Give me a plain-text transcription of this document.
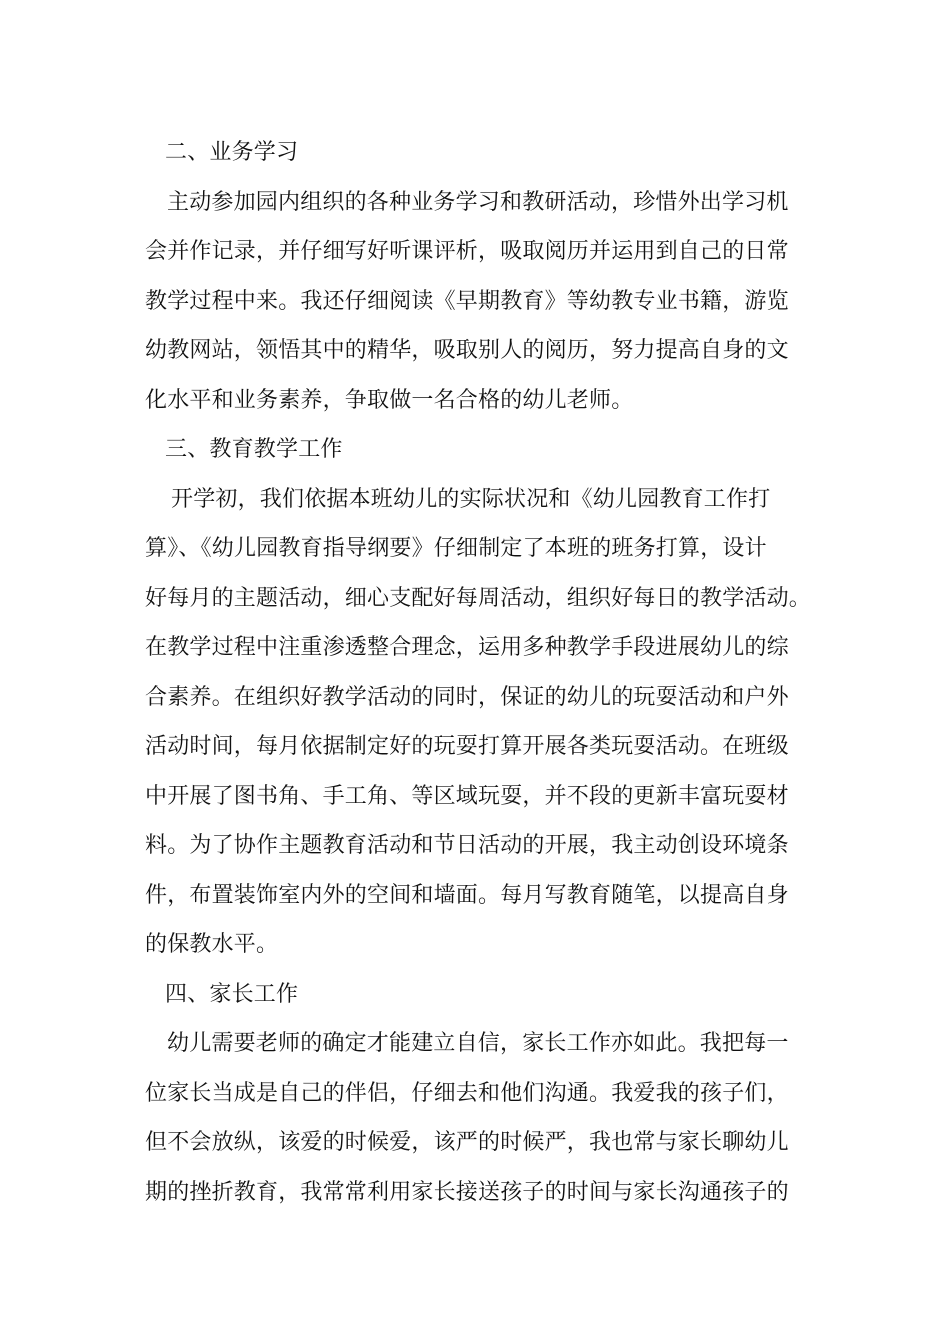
二、业务学习
主动参加园内组织的各种业务学习和教研活动，珍惜外出学习机
会并作记录，并仔细写好听课评析，吸取阅历并运用到自己的日常
教学过程中来。我还仔细阅读《早期教育》等幼教专业书籍，游览
幼教网站，领悟其中的精华，吸取别人的阅历，努力提高自身的文
化水平和业务素养，争取做一名合格的幼儿老师。
三、教育教学工作
开学初，我们依据本班幼儿的实际状况和《幼儿园教育工作打
算》、《幼儿园教育指导纲要》仔细制定了本班的班务打算，设计
好每月的主题活动，细心支配好每周活动，组织好每日的教学活动。
在教学过程中注重渗透整合理念，运用多种教学手段进展幼儿的综
合素养。在组织好教学活动的同时，保证的幼儿的玩耍活动和户外
活动时间，每月依据制定好的玩耍打算开展各类玩耍活动。在班级
中开展了图书角、手工角、等区域玩耍，并不段的更新丰富玩耍材
料。为了协作主题教育活动和节日活动的开展，我主动创设环境条
件，布置装饰室内外的空间和墙面。每月写教育随笔，以提高自身
的保教水平。
四、家长工作
幼儿需要老师的确定才能建立自信，家长工作亦如此。我把每一
位家长当成是自己的伴侣，仔细去和他们沟通。我爱我的孩子们，
但不会放纵，该爱的时候爱，该严的时候严，我也常与家长聊幼儿
期的挫折教育，我常常利用家长接送孩子的时间与家长沟通孩子的
